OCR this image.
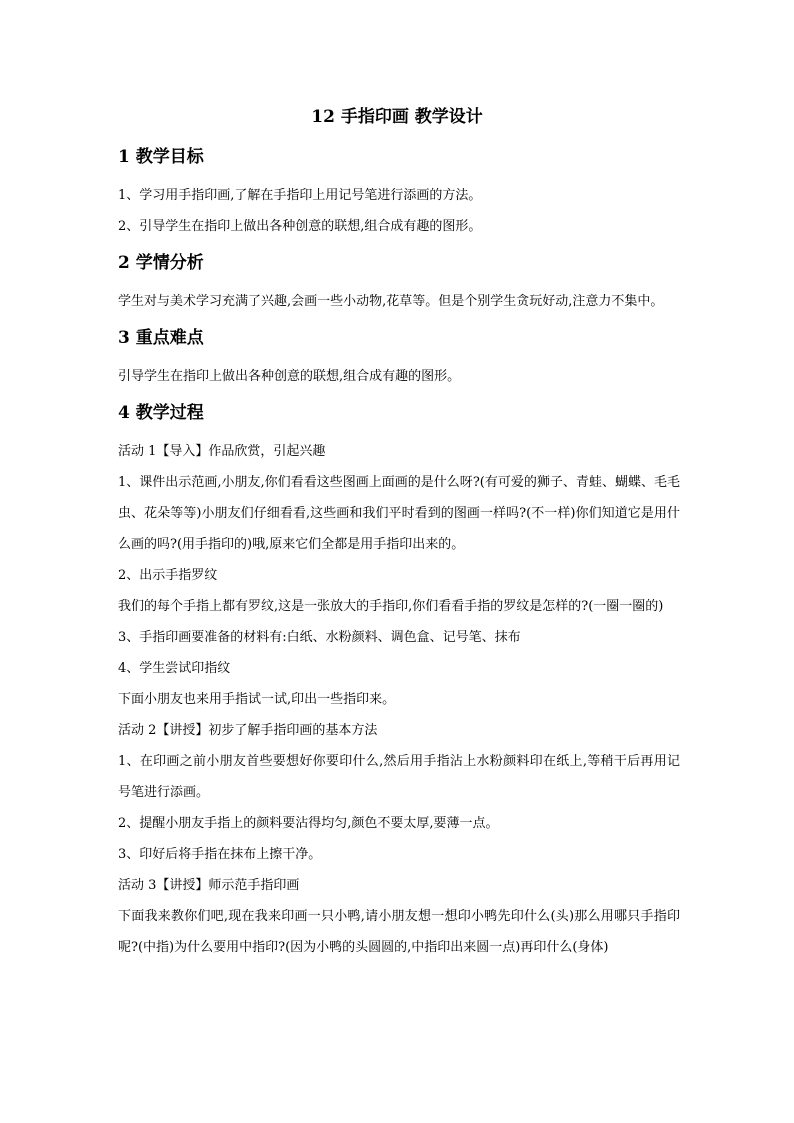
12 手指印画 教学设计
1 教学目标

1、学习用手指印画,了解在手指印上用记号笔进行添画的方法。

2、引导学生在指印上做出各种创意的联想,组合成有趣的图形。

2 学情分析

学生对与美术学习充满了兴趣,会画一些小动物,花草等。但是个别学生贪玩好动,注意力不集中。

3 重点难点

引导学生在指印上做出各种创意的联想,组合成有趣的图形。

4 教学过程

活动 1【导入】作品欣赏，引起兴趣

1、课件出示范画,小朋友,你们看看这些图画上面画的是什么呀?(有可爱的狮子、青蛙、蝴蝶、毛毛虫、花朵等等)小朋友们仔细看看,这些画和我们平时看到的图画一样吗?(不一样)你们知道它是用什么画的吗?(用手指印的)哦,原来它们全都是用手指印出来的。

2、出示手指罗纹

我们的每个手指上都有罗纹,这是一张放大的手指印,你们看看手指的罗纹是怎样的?(一圈一圈的)

3、手指印画要准备的材料有:白纸、水粉颜料、调色盒、记号笔、抹布

4、学生尝试印指纹

下面小朋友也来用手指试一试,印出一些指印来。

活动 2【讲授】初步了解手指印画的基本方法

1、在印画之前小朋友首些要想好你要印什么,然后用手指沾上水粉颜料印在纸上,等稍干后再用记号笔进行添画。

2、提醒小朋友手指上的颜料要沾得均匀,颜色不要太厚,要薄一点。

3、印好后将手指在抹布上擦干净。

活动 3【讲授】师示范手指印画

下面我来教你们吧,现在我来印画一只小鸭,请小朋友想一想印小鸭先印什么(头)那么用哪只手指印呢?(中指)为什么要用中指印?(因为小鸭的头圆圆的,中指印出来圆一点)再印什么(身体)
